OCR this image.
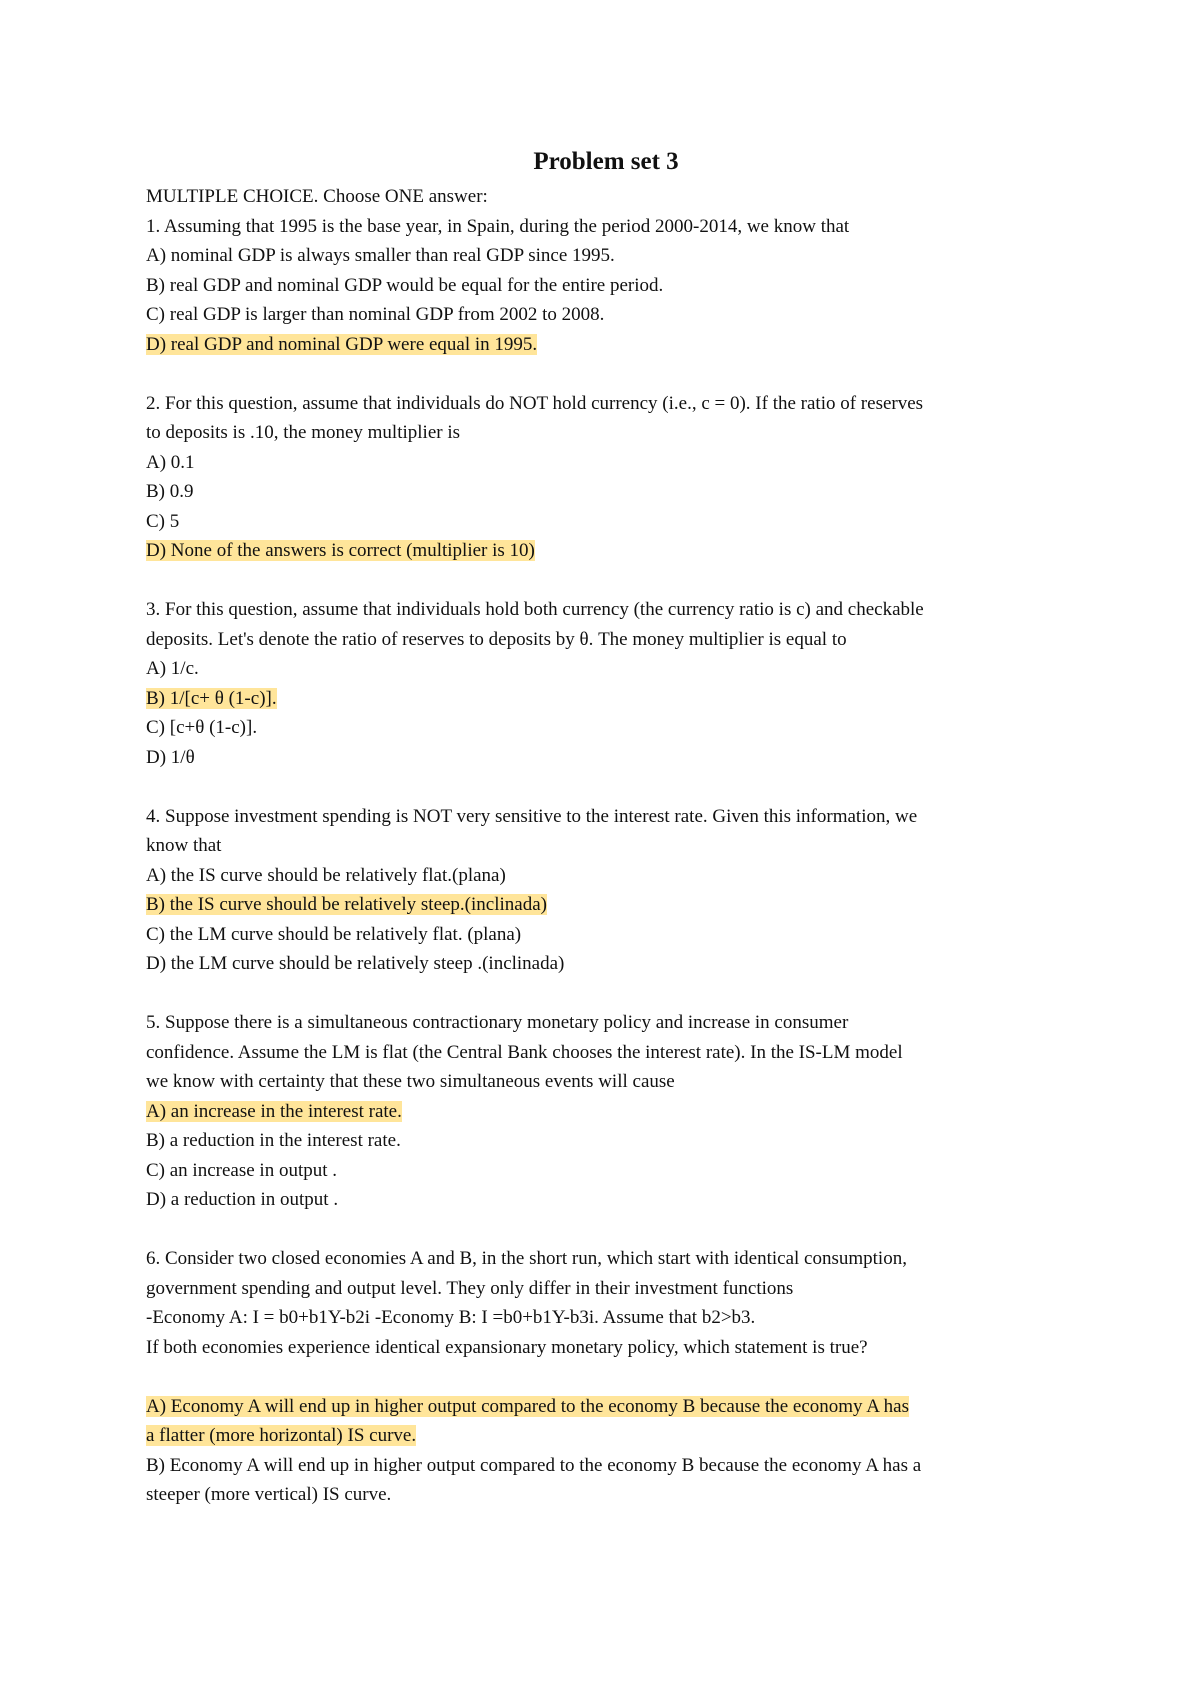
Problem set 3
MULTIPLE CHOICE. Choose ONE answer:
1. Assuming that 1995 is the base year, in Spain, during the period 2000-2014, we know that
A) nominal GDP is always smaller than real GDP since 1995.
B) real GDP and nominal GDP would be equal for the entire period.
C) real GDP is larger than nominal GDP from 2002 to 2008.
D) real GDP and nominal GDP were equal in 1995.
2. For this question, assume that individuals do NOT hold currency (i.e., c = 0). If the ratio of reserves
to deposits is .10, the money multiplier is
A) 0.1
B) 0.9
C) 5
D) None of the answers is correct (multiplier is 10)
3. For this question, assume that individuals hold both currency (the currency ratio is c) and checkable
deposits. Let's denote the ratio of reserves to deposits by θ. The money multiplier is equal to
A) 1/c.
B) 1/[c+ θ (1-c)].
C) [c+θ (1-c)].
D) 1/θ
4. Suppose investment spending is NOT very sensitive to the interest rate. Given this information, we
know that
A) the IS curve should be relatively flat.(plana)
B) the IS curve should be relatively steep.(inclinada)
C) the LM curve should be relatively flat. (plana)
D) the LM curve should be relatively steep .(inclinada)
5. Suppose there is a simultaneous contractionary monetary policy and increase in consumer
confidence. Assume the LM is flat (the Central Bank chooses the interest rate). In the IS-LM model
we know with certainty that these two simultaneous events will cause
A) an increase in the interest rate.
B) a reduction in the interest rate.
C) an increase in output .
D) a reduction in output .
6. Consider two closed economies A and B, in the short run, which start with identical consumption,
government spending and output level. They only differ in their investment functions
-Economy A: I = b0+b1Y-b2i -Economy B: I =b0+b1Y-b3i. Assume that b2>b3.
If both economies experience identical expansionary monetary policy, which statement is true?
A) Economy A will end up in higher output compared to the economy B because the economy A has
a flatter (more horizontal) IS curve.
B) Economy A will end up in higher output compared to the economy B because the economy A has a
steeper (more vertical) IS curve.
